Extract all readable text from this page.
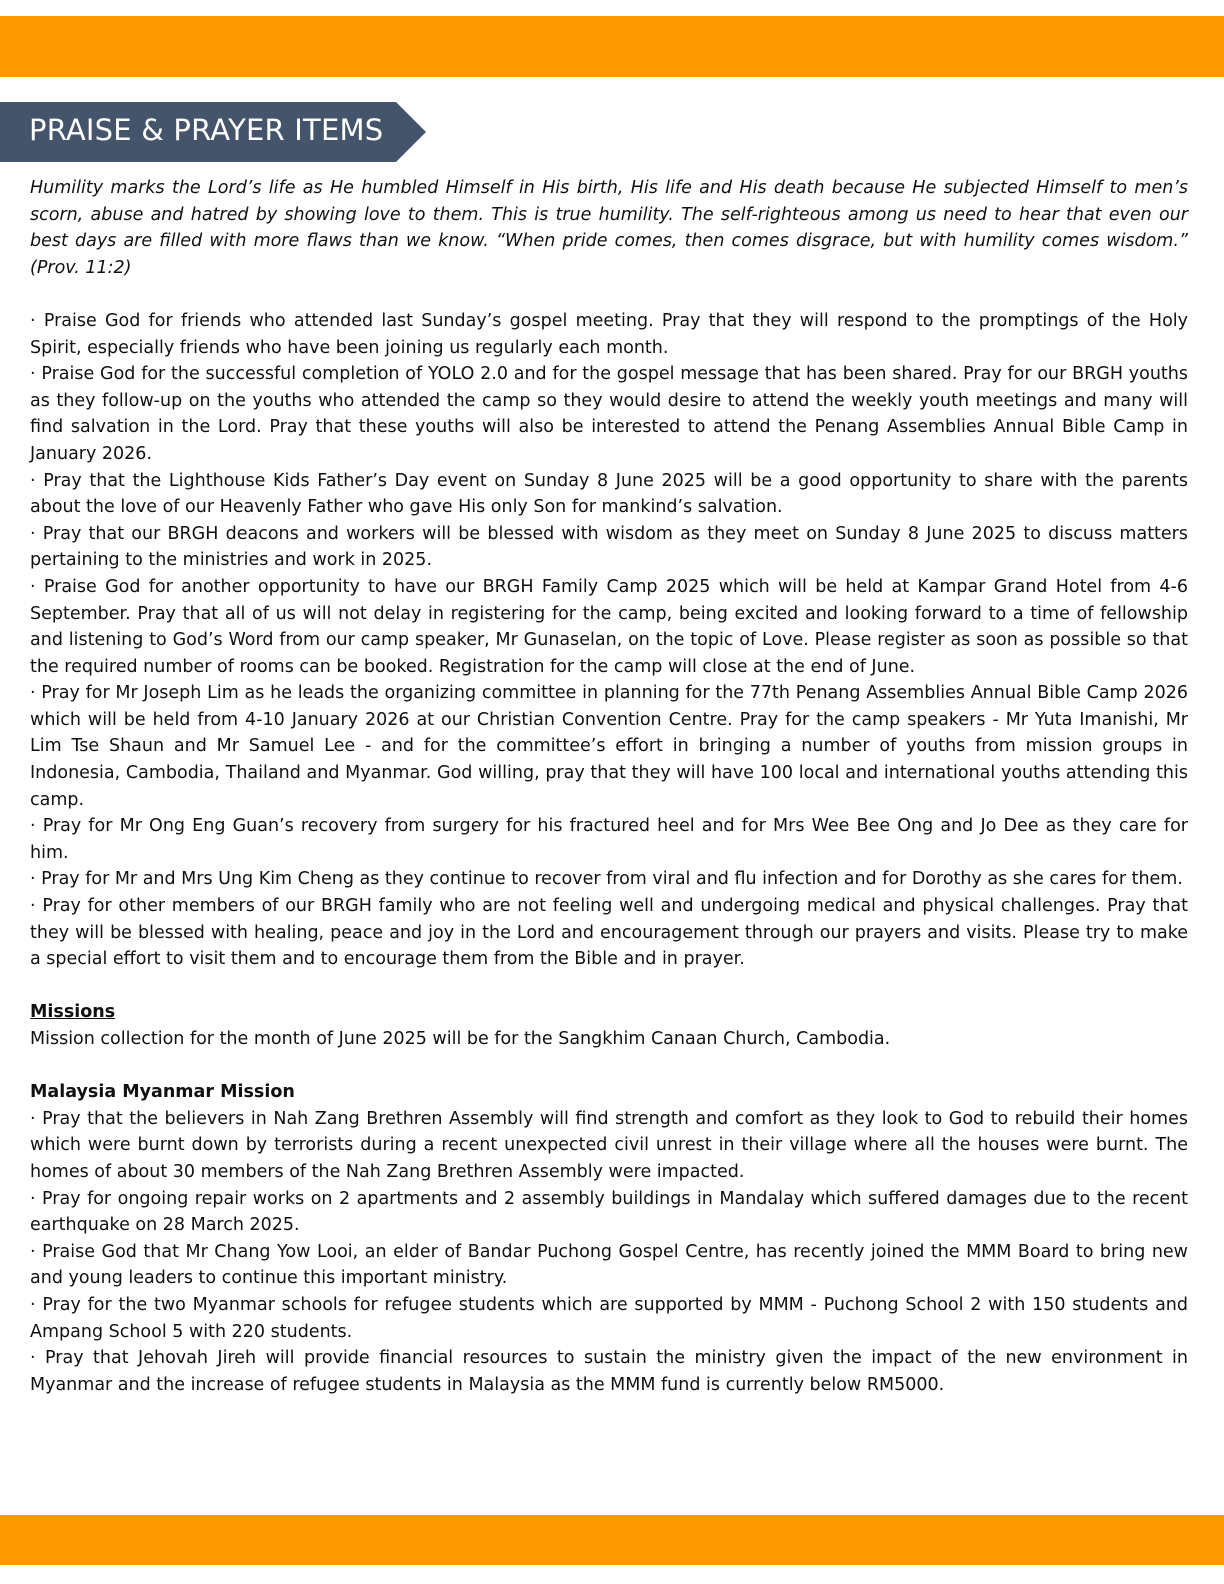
PRAISE & PRAYER ITEMS

Humility marks the Lord’s life as He humbled Himself in His birth, His life and His death because He subjected Himself to men’s scorn, abuse and hatred by showing love to them. This is true humility. The self-righteous among us need to hear that even our best days are filled with more flaws than we know. “When pride comes, then comes disgrace, but with humility comes wisdom.” (Prov. 11:2)

· Praise God for friends who attended last Sunday’s gospel meeting. Pray that they will respond to the promptings of the Holy Spirit, especially friends who have been joining us regularly each month.

· Praise God for the successful completion of YOLO 2.0 and for the gospel message that has been shared. Pray for our BRGH youths as they follow-up on the youths who attended the camp so they would desire to attend the weekly youth meetings and many will find salvation in the Lord. Pray that these youths will also be interested to attend the Penang Assemblies Annual Bible Camp in January 2026.

· Pray that the Lighthouse Kids Father’s Day event on Sunday 8 June 2025 will be a good opportunity to share with the parents about the love of our Heavenly Father who gave His only Son for mankind’s salvation.

· Pray that our BRGH deacons and workers will be blessed with wisdom as they meet on Sunday 8 June 2025 to discuss matters pertaining to the ministries and work in 2025.

· Praise God for another opportunity to have our BRGH Family Camp 2025 which will be held at Kampar Grand Hotel from 4-6 September. Pray that all of us will not delay in registering for the camp, being excited and looking forward to a time of fellowship and listening to God’s Word from our camp speaker, Mr Gunaselan, on the topic of Love. Please register as soon as possible so that the required number of rooms can be booked. Registration for the camp will close at the end of June.

· Pray for Mr Joseph Lim as he leads the organizing committee in planning for the 77th Penang Assemblies Annual Bible Camp 2026 which will be held from 4-10 January 2026 at our Christian Convention Centre. Pray for the camp speakers - Mr Yuta Imanishi, Mr Lim Tse Shaun and Mr Samuel Lee - and for the committee’s effort in bringing a number of youths from mission groups in Indonesia, Cambodia, Thailand and Myanmar. God willing, pray that they will have 100 local and international youths attending this camp.

· Pray for Mr Ong Eng Guan’s recovery from surgery for his fractured heel and for Mrs Wee Bee Ong and Jo Dee as they care for him.

· Pray for Mr and Mrs Ung Kim Cheng as they continue to recover from viral and flu infection and for Dorothy as she cares for them.

· Pray for other members of our BRGH family who are not feeling well and undergoing medical and physical challenges. Pray that they will be blessed with healing, peace and joy in the Lord and encouragement through our prayers and visits. Please try to make a special effort to visit them and to encourage them from the Bible and in prayer.

Missions

Mission collection for the month of June 2025 will be for the Sangkhim Canaan Church, Cambodia.

Malaysia Myanmar Mission

· Pray that the believers in Nah Zang Brethren Assembly will find strength and comfort as they look to God to rebuild their homes which were burnt down by terrorists during a recent unexpected civil unrest in their village where all the houses were burnt. The homes of about 30 members of the Nah Zang Brethren Assembly were impacted.

· Pray for ongoing repair works on 2 apartments and 2 assembly buildings in Mandalay which suffered damages due to the recent earthquake on 28 March 2025.

· Praise God that Mr Chang Yow Looi, an elder of Bandar Puchong Gospel Centre, has recently joined the MMM Board to bring new and young leaders to continue this important ministry.

· Pray for the two Myanmar schools for refugee students which are supported by MMM - Puchong School 2 with 150 students and Ampang School 5 with 220 students.

· Pray that Jehovah Jireh will provide financial resources to sustain the ministry given the impact of the new environment in Myanmar and the increase of refugee students in Malaysia as the MMM fund is currently below RM5000.
